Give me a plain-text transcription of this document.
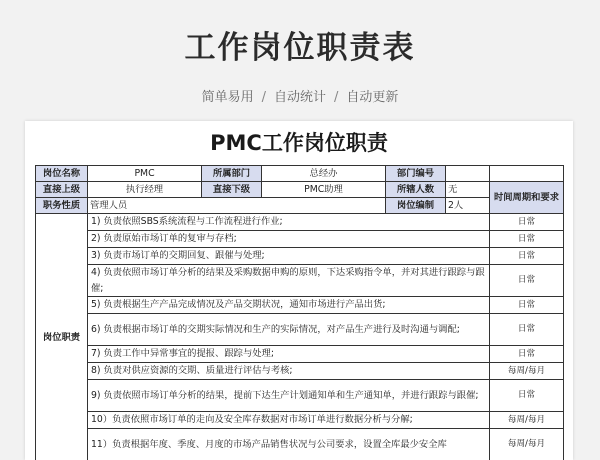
工作岗位职责表
简单易用 / 自动统计 / 自动更新
PMC工作岗位职责
岗位名称	PMC	所属部门	总经办	部门编号		
直接上级	执行经理	直接下级	PMC助理	所辖人数	无	时间周期和要求
职务性质	管理人员			岗位编制	2人	
岗位职责	1) 负责依照SBS系统流程与工作流程进行作业;					日常
	2) 负责原始市场订单的复审与存档;					日常
	3) 负责市场订单的交期回复、跟催与处理;					日常
	4) 负责依照市场订单分析的结果及采购数据申购的原则，下达采购指令单，并对其进行跟踪与跟催;					日常
	5) 负责根据生产产品完成情况及产品交期状况，通知市场进行产品出货;					日常
	6) 负责根据市场订单的交期实际情况和生产的实际情况，对产品生产进行及时沟通与调配;					日常
	7) 负责工作中异常事宜的提报、跟踪与处理;					日常
	8) 负责对供应资源的交期、质量进行评估与考核;					每周/每月
	9) 负责依照市场订单分析的结果，提前下达生产计划通知单和生产通知单，并进行跟踪与跟催;					日常
	10）负责依照市场订单的走向及安全库存数据对市场订单进行数据分析与分解;					每周/每月
	11）负责根据年度、季度、月度的市场产品销售状况与公司要求，设置全库最少安全库					每周/每月
